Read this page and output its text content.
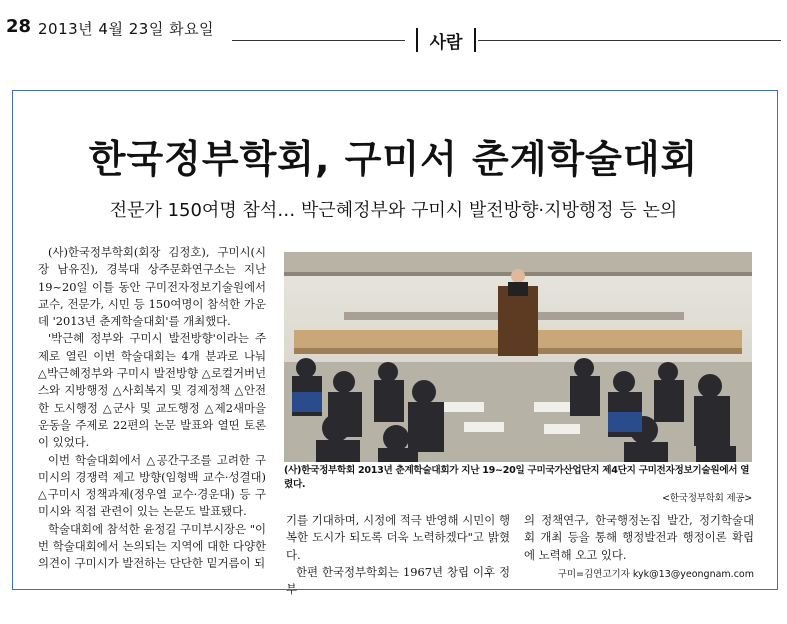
28 2013년 4월 23일 화요일
사람
한국정부학회, 구미서 춘계학술대회
전문가 150여명 참석… 박근혜정부와 구미시 발전방향·지방행정 등 논의

(사)한국정부학회(회장 김정호), 구미시(시장 남유진), 경북대 상주문화연구소는 지난 19~20일 이틀 동안 구미전자정보기술원에서 교수, 전문가, 시민 등 150여명이 참석한 가운데 '2013년 춘계학술대회'를 개최했다.

'박근혜 정부와 구미시 발전방향'이라는 주제로 열린 이번 학술대회는 4개 분과로 나눠 △박근혜정부와 구미시 발전방향 △로컬거버넌스와 지방행정 △사회복지 및 경제정책 △안전한 도시행정 △군사 및 교도행정 △제2새마을운동을 주제로 22편의 논문 발표와 열띤 토론이 있었다.

이번 학술대회에서 △공간구조를 고려한 구미시의 경쟁력 제고 방향(임형백 교수·성결대) △구미시 정책과제(정우열 교수·경운대) 등 구미시와 직접 관련이 있는 논문도 발표됐다.

학술대회에 참석한 윤정길 구미부시장은 "이번 학술대회에서 논의되는 지역에 대한 다양한 의견이 구미시가 발전하는 단단한 밑거름이 되

(사)한국정부학회 2013년 춘계학술대회가 지난 19~20일 구미국가산업단지 제4단지 구미전자정보기술원에서 열렸다.
<한국정부학회 제공>

기를 기대하며, 시정에 적극 반영해 시민이 행복한 도시가 되도록 더욱 노력하겠다"고 밝혔다.

한편 한국정부학회는 1967년 창립 이후 정부

의 정책연구, 한국행정논집 발간, 정기학술대회 개최 등을 통해 행정발전과 행정이론 확립에 노력해 오고 있다.

구미=김연고기자 kyk@13@yeongnam.com
